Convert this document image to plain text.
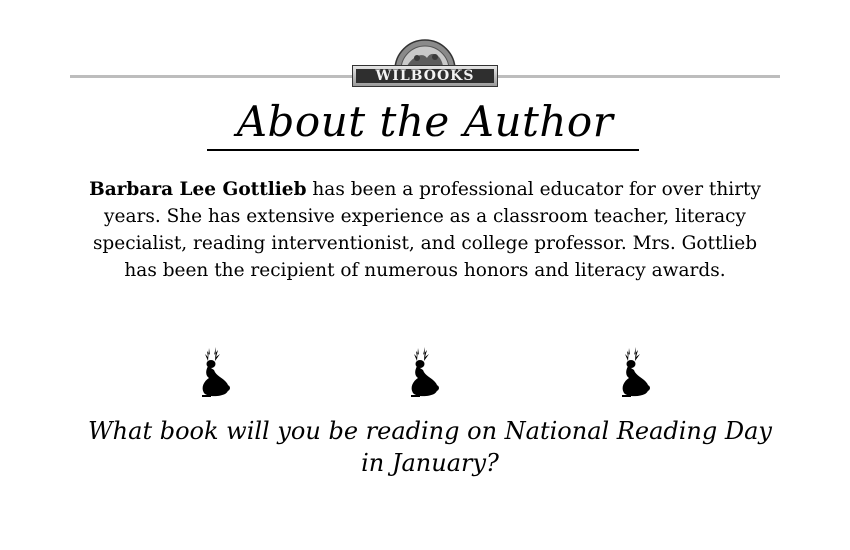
WILBOOKS
About the Author
Barbara Lee Gottlieb has been a professional educator for over thirty
years. She has extensive experience as a classroom teacher, literacy
specialist, reading interventionist, and college professor. Mrs. Gottlieb
has been the recipient of numerous honors and literacy awards.
What book will you be reading on National Reading Day
in January?
